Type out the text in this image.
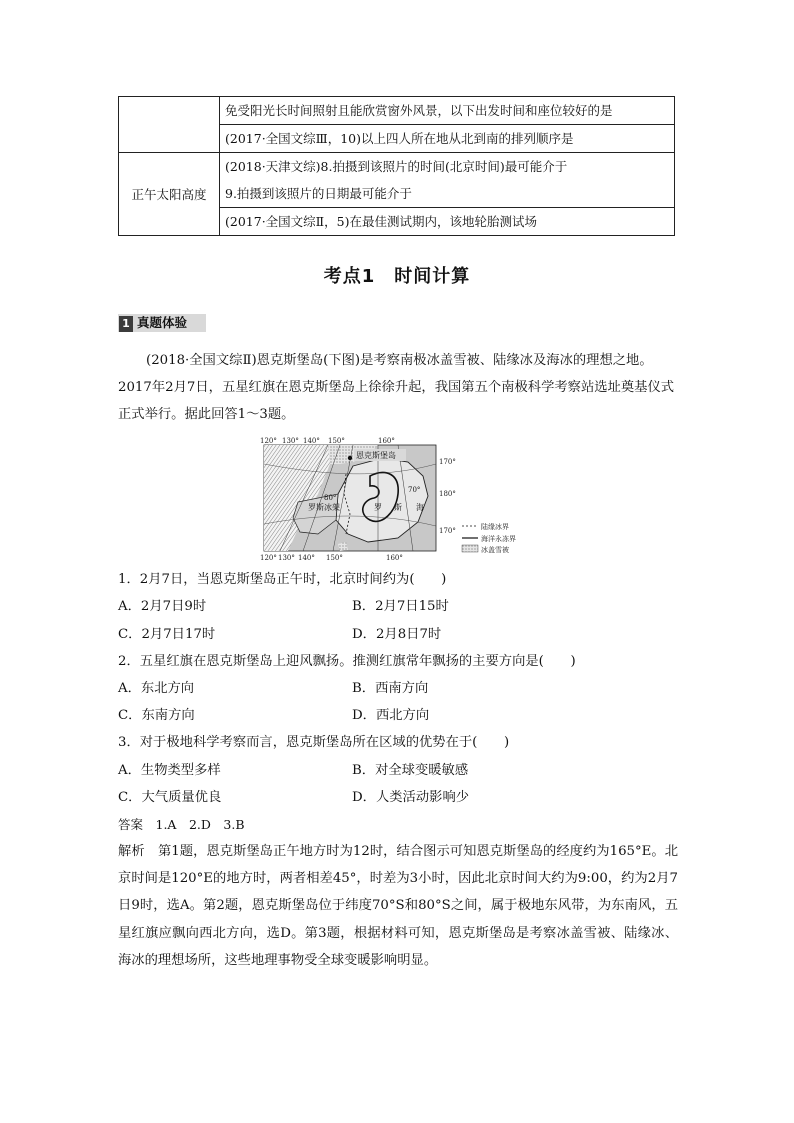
	免受阳光长时间照射且能欣赏窗外风景，以下出发时间和座位较好的是
	(2017·全国文综Ⅲ，10)以上四人所在地从北到南的排列顺序是
正午太阳高度	(2018·天津文综)8.拍摄到该照片的时间(北京时间)最可能介于
	9.拍摄到该照片的日期最可能介于
	(2017·全国文综Ⅱ，5)在最佳测试期内，该地轮胎测试场
考点1　时间计算
1 真题体验

(2018·全国文综Ⅱ)恩克斯堡岛(下图)是考察南极冰盖雪被、陆缘冰及海冰的理想之地。2017年2月7日，五星红旗在恩克斯堡岛上徐徐升起，我国第五个南极科学考察站选址奠基仪式正式举行。据此回答1～3题。

120° 130° 140° 150°	160°
恩克斯堡岛
80°
70°
罗斯冰架	罗 斯 海
170°
180°
170°
120° 130° 140° 150°	160°
陆缘冰界
海洋永冻界
冰盖雪被
1．2月7日，当恩克斯堡岛正午时，北京时间约为(　　)
A．2月7日9时	B．2月7日15时
C．2月7日17时	D．2月8日7时
2．五星红旗在恩克斯堡岛上迎风飘扬。推测红旗常年飘扬的主要方向是(　　)
A．东北方向	B．西南方向
C．东南方向	D．西北方向
3．对于极地科学考察而言，恩克斯堡岛所在区域的优势在于(　　)
A．生物类型多样	B．对全球变暖敏感
C．大气质量优良	D．人类活动影响少
答案　1.A　2.D　3.B
解析　第1题，恩克斯堡岛正午地方时为12时，结合图示可知恩克斯堡岛的经度约为165°E。北京时间是120°E的地方时，两者相差45°，时差为3小时，因此北京时间大约为9:00，约为2月7日9时，选A。第2题，恩克斯堡岛位于纬度70°S和80°S之间，属于极地东风带，为东南风，五星红旗应飘向西北方向，选D。第3题，根据材料可知，恩克斯堡岛是考察冰盖雪被、陆缘冰、海冰的理想场所，这些地理事物受全球变暖影响明显。
